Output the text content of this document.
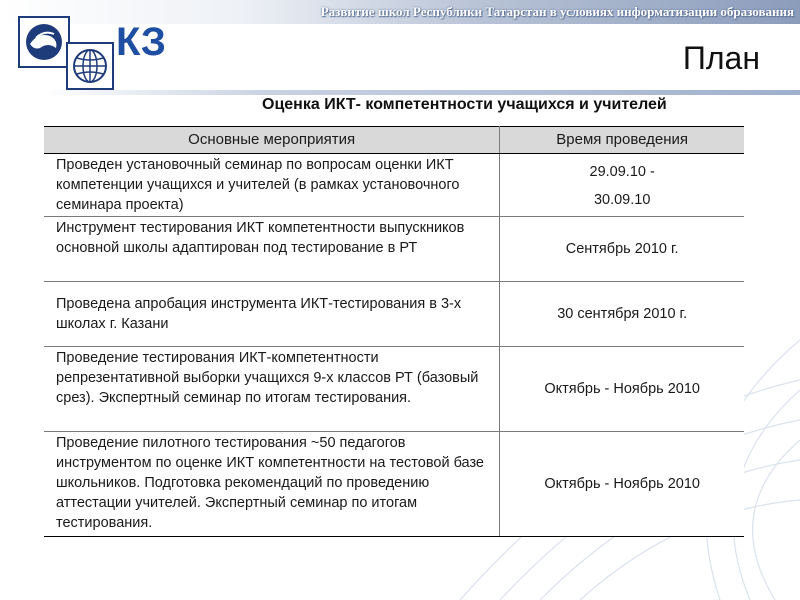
Развитие школ Республики Татарстан в условиях информатизации образования
КЗ	План
Оценка ИКТ- компетентности учащихся и учителей
Основные мероприятия	Время проведения

Проведен установочный семинар по вопросам оценки ИКТ компетенции учащихся и учителей (в рамках установочного семинара проекта)	29.09.10 -
30.09.10

Инструмент тестирования ИКТ компетентности выпускников основной школы адаптирован под тестирование в РТ	Сентябрь 2010 г.

Проведена апробация инструмента ИКТ-тестирования в 3-х школах г. Казани	30 сентября 2010 г.

Проведение тестирования ИКТ-компетентности репрезентативной выборки учащихся 9-х классов РТ (базовый срез). Экспертный семинар по итогам тестирования.	Октябрь - Ноябрь 2010

Проведение пилотного тестирования ~50 педагогов инструментом по оценке ИКТ компетентности на тестовой базе школьников. Подготовка рекомендаций по проведению аттестации учителей. Экспертный семинар по итогам тестирования.	Октябрь - Ноябрь 2010
